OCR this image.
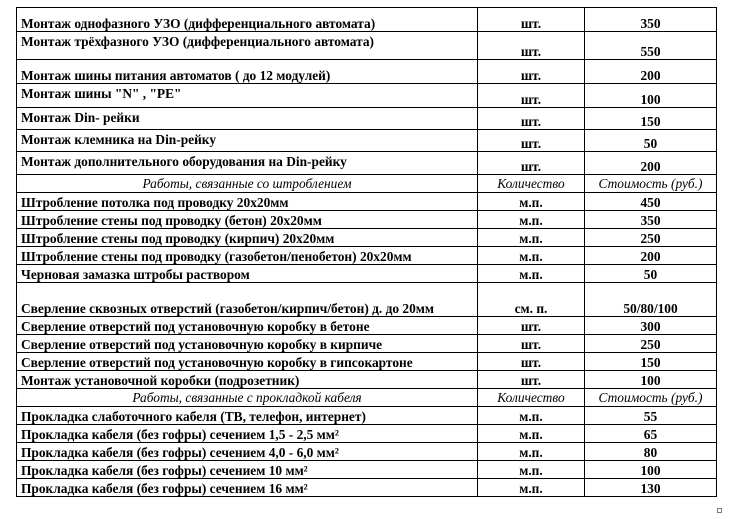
Монтаж однофазного УЗО (дифференциального автомата)	шт.	350
Монтаж трёхфазного УЗО (дифференциального автомата)	шт.	550
Монтаж шины питания автоматов ( до 12 модулей)	шт.	200
Монтаж шины "N" , "PE"	шт.	100
Монтаж Din- рейки	шт.	150
Монтаж клемника на Din-рейку	шт.	50
Монтаж дополнительного оборудования на Din-рейку	шт.	200
Работы, связанные со штроблением	Количество	Стоимость (руб.)
Штробление потолка под проводку 20х20мм	м.п.	450
Штробление стены под проводку (бетон) 20х20мм	м.п.	350
Штробление стены под проводку (кирпич) 20х20мм	м.п.	250
Штробление стены под проводку (газобетон/пенобетон) 20х20мм	м.п.	200
Черновая замазка штробы раствором	м.п.	50
Сверление сквозных отверстий (газобетон/кирпич/бетон) д. до 20мм	см. п.	50/80/100
Сверление отверстий под установочную коробку в бетоне	шт.	300
Сверление отверстий под установочную коробку в кирпиче	шт.	250
Сверление отверстий под установочную коробку в гипсокартоне	шт.	150
Монтаж установочной коробки (подрозетник)	шт.	100
Работы, связанные с прокладкой кабеля	Количество	Стоимость (руб.)
Прокладка слаботочного кабеля (ТВ, телефон, интернет)	м.п.	55
Прокладка кабеля (без гофры) сечением 1,5 - 2,5 мм²	м.п.	65
Прокладка кабеля (без гофры) сечением 4,0 - 6,0 мм²	м.п.	80
Прокладка кабеля (без гофры) сечением 10 мм²	м.п.	100
Прокладка кабеля (без гофры) сечением 16 мм²	м.п.	130
